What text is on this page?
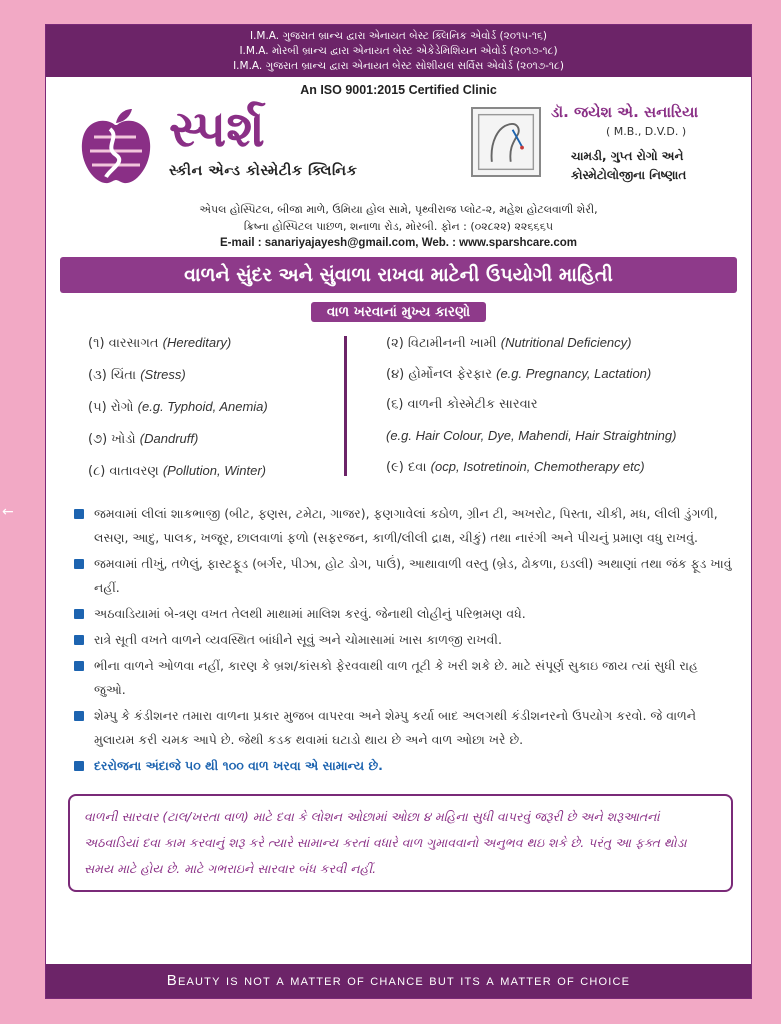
←
I.M.A. ગુજરાત બ્રાન્ચ દ્વારા એનાયત બેસ્ટ ક્લિનિક એવોર્ડ (૨૦૧૫-૧૬)
I.M.A. મોરબી બ્રાન્ચ દ્વારા એનાયત બેસ્ટ એકેડેમિશિયન એવોર્ડ (૨૦૧૭-૧૮)
I.M.A. ગુજરાત બ્રાન્ચ દ્વારા એનાયત બેસ્ટ સોશીયલ સર્વિસ એવોર્ડ (૨૦૧૭-૧૮)
An ISO 9001:2015 Certified Clinic
સ્પર્શ
સ્કીન એન્ડ કોસ્મેટીક ક્લિનિક
ડૉ. જયેશ એ. સનારિયા
( M.B., D.V.D. )
ચામડી, ગુપ્ત રોગો અને
કોસ્મેટોલોજીના નિષ્ણાત
એપલ હોસ્પિટલ, બીજા માળે, ઉમિયા હોલ સામે, પૃથ્વીરાજ પ્લોટ-૨, મહેશ હોટલવાળી શેરી,
ક્રિષ્ના હોસ્પિટલ પાછળ, શનાળા રોડ, મોરબી. ફોન : (૦૨૮૨૨) ૨૨૬૬૬૫
E-mail : sanariyajayesh@gmail.com, Web. : www.sparshcare.com
વાળને સુંદર અને સુંવાળા રાખવા માટેની ઉપયોગી માહિતી
વાળ ખરવાનાં મુખ્ય કારણો
(૧) વારસાગત (Hereditary)
(૩) ચિંતા (Stress)
(૫) રોગો (e.g. Typhoid, Anemia)
(૭) ખોડો (Dandruff)
(૮) વાતાવરણ (Pollution, Winter)
(૨) વિટામીનની ખામી (Nutritional Deficiency)
(૪) હોર્મોનલ ફેરફાર (e.g. Pregnancy, Lactation)
(૬) વાળની કોસ્મેટીક સારવાર
(e.g. Hair Colour, Dye, Mahendi, Hair Straightning)
(૯) દવા (ocp, Isotretinoin, Chemotherapy etc)
જમવામાં લીલાં શાકભાજી (બીટ, ફણસ, ટમેટા, ગાજર), ફણગાવેલાં કઠોળ, ગ્રીન ટી, અખરોટ, પિસ્તા, ચીકી, મધ, લીલી ડુંગળી, લસણ, આદુ, પાલક, ખજૂર, છાલવાળાં ફળો (સફરજન, કાળી/લીલી દ્રાક્ષ, ચીકું) તથા નારંગી અને પીચનું પ્રમાણ વધુ રાખવું.
જમવામાં તીખું, તળેલું, ફાસ્ટફૂડ (બર્ગર, પીઝા, હોટ ડોગ, પાઉં), આથાવાળી વસ્તુ (બ્રેડ, ઢોકળા, ઇડલી) અથાણાં તથા જંક ફૂડ ખાવું નહીં.
અઠવાડિયામાં બે-ત્રણ વખત તેલથી માથામાં માલિશ કરવું. જેનાથી લોહીનું પરિભ્રમણ વધે.
રાત્રે સૂતી વખતે વાળને વ્યવસ્થિત બાંધીને સૂવું અને ચોમાસામાં ખાસ કાળજી રાખવી.
ભીના વાળને ઓળવા નહીં, કારણ કે બ્રશ/કાંસકો ફેરવવાથી વાળ તૂટી કે ખરી શકે છે. માટે સંપૂર્ણ સુકાઇ જાય ત્યાં સુધી રાહ જુઓ.
શેમ્પુ કે કંડીશનર તમારા વાળના પ્રકાર મુજબ વાપરવા અને શેમ્પુ કર્યા બાદ અલગથી કંડીશનરનો ઉપયોગ કરવો. જે વાળને મુલાયમ કરી ચમક આપે છે. જેથી કડક થવામાં ઘટાડો થાય છે અને વાળ ઓછા ખરે છે.
દરરોજના અંદાજે ૫૦ થી ૧૦૦ વાળ ખરવા એ સામાન્ય છે.
વાળની સારવાર (ટાલ/ખરતા વાળ) માટે દવા કે લોશન ઓછામાં ઓછા ૪ મહિના સુધી વાપરવું જરૂરી છે અને શરૂઆતનાં અઠવાડિયાં દવા કામ કરવાનું શરૂ કરે ત્યારે સામાન્ય કરતાં વધારે વાળ ગુમાવવાનો અનુભવ થઇ શકે છે. પરંતુ આ ફક્ત થોડા સમય માટે હોય છે. માટે ગભરાઇને સારવાર બંધ કરવી નહીં.
Beauty is not a matter of chance but its a matter of choice
